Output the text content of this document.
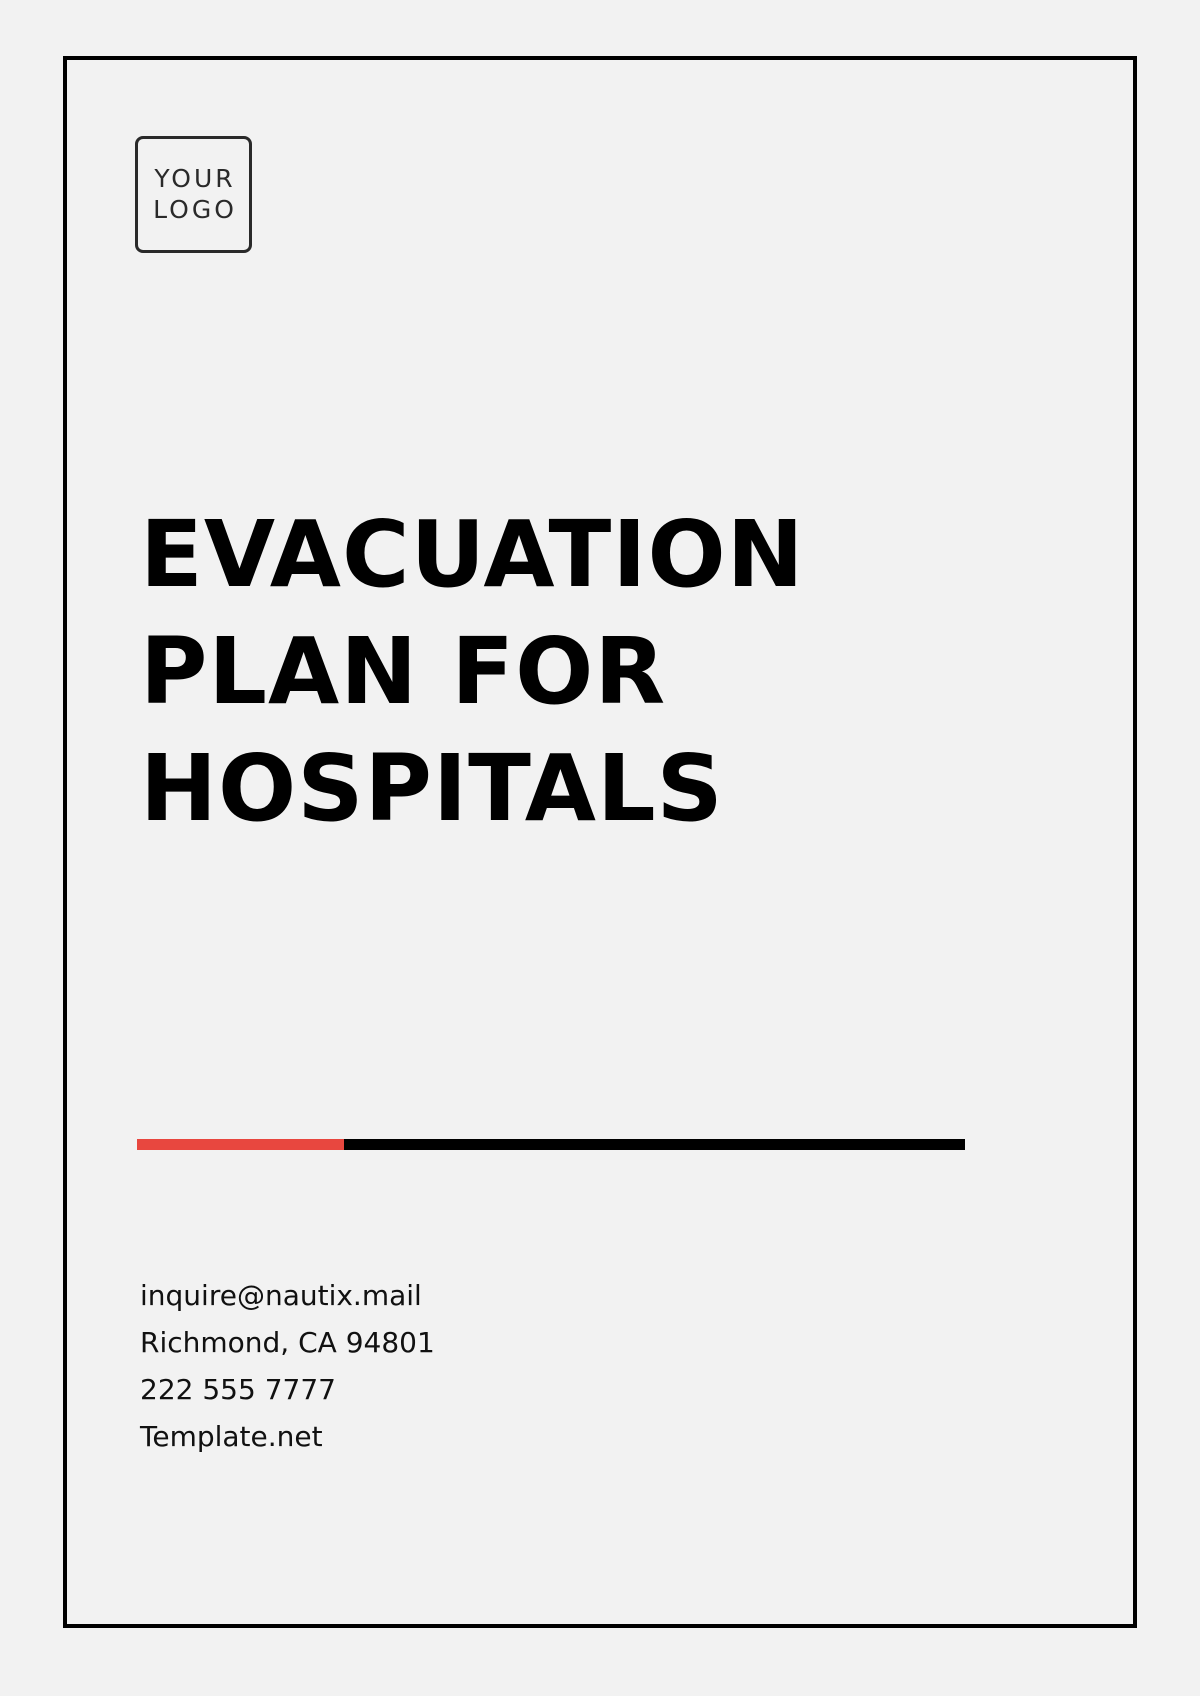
YOUR
LOGO
EVACUATION
PLAN FOR
HOSPITALS
inquire@nautix.mail
Richmond, CA 94801
222 555 7777
Template.net
